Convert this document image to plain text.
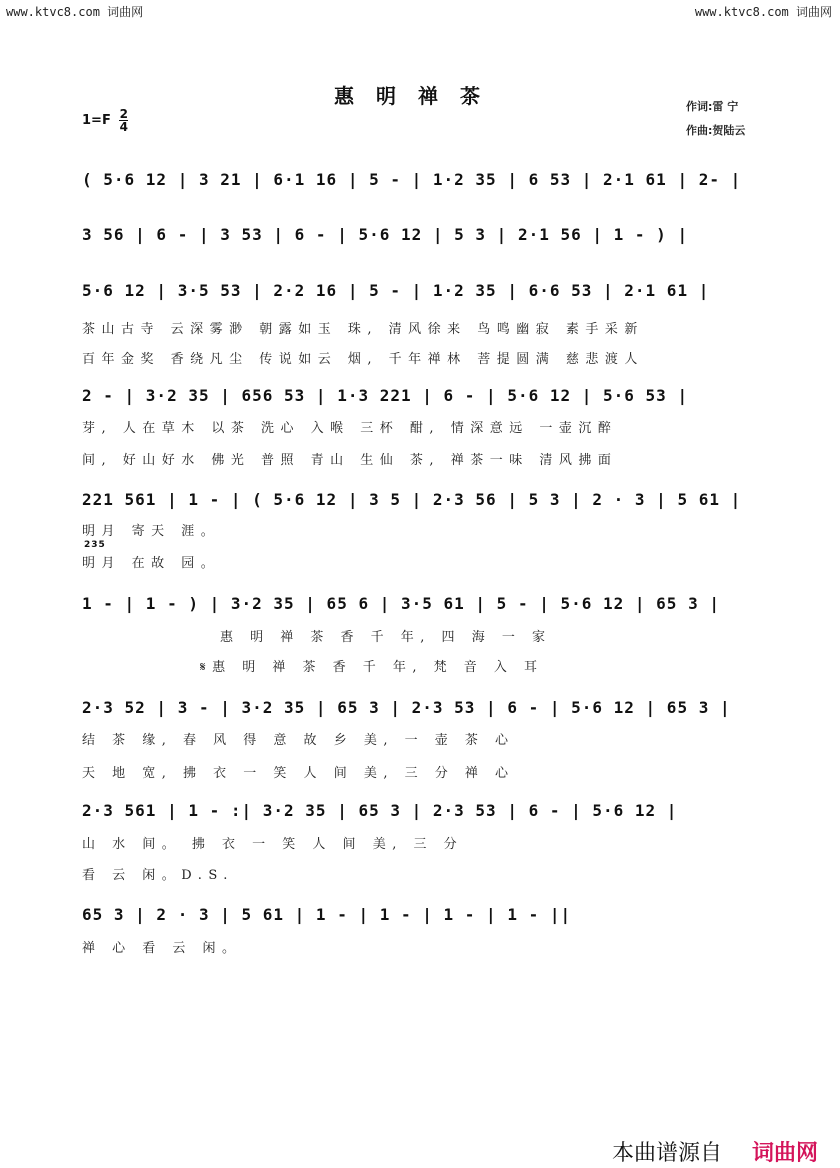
www.ktvc8.com 词曲网	www.ktvc8.com 词曲网
惠明禅茶
$1=F \frac{2}{4}$
作词:雷 宁
作曲:贺陆云
( 5·6 12 | 3 21 | 6·1 16 | 5 - | 1·2 35 | 6 53 | 2·1 61 | 2- |
3 56 | 6 - | 3 53 | 6 - | 5·6 12 | 5 3 | 2·1 56 | 1 - ) |
5·6 12 | 3·5 53 | 2·2 16 | 5 - | 1·2 35 | 6·6 53 | 2·1 61 |
茶山古寺 云深雾渺 朝露如玉 珠, 清风徐来 鸟鸣幽寂 素手采新
百年金奖 香绕凡尘 传说如云 烟, 千年禅林 菩提圆满 慈悲渡人
2 - | 3·2 35 | 656 53 | 1·3 221 | 6 - | 5·6 12 | 5·6 53 |
芽, 人在草木 以茶 洗心 入喉 三杯 酣, 情深意远 一壶沉醉
间, 好山好水 佛光 普照 青山 生仙 茶, 禅茶一味 清风拂面
221 561 | 1 - | ( 5·6 12 | 3 5 | 2·3 56 | 5 3 | 2 · 3 | 5 61 |
明月 寄天 涯。
235
明月 在故 园。
1 - | 1 - ) | 3·2 35 | 65 6 | 3·5 61 | 5 - | 5·6 12 | 65 3 |
惠 明 禅 茶 香 千 年, 四 海 一 家
𝄋惠 明 禅 茶 香 千 年, 梵 音 入 耳
2·3 52 | 3 - | 3·2 35 | 65 3 | 2·3 53 | 6 - | 5·6 12 | 65 3 |
结 茶 缘, 春 风 得 意 故 乡 美, 一 壶 茶 心
天 地 宽, 拂 衣 一 笑 人 间 美, 三 分 禅 心
2·3 561 | 1 - :| 3·2 35 | 65 3 | 2·3 53 | 6 - | 5·6 12 |
山 水 间。 拂 衣 一 笑 人 间 美, 三 分
看 云 闲。D.S.
65 3 | 2 · 3 | 5 61 | 1 - | 1 - | 1 - | 1 - ||
禅 心 看 云 闲。
本曲谱源自 词曲网
